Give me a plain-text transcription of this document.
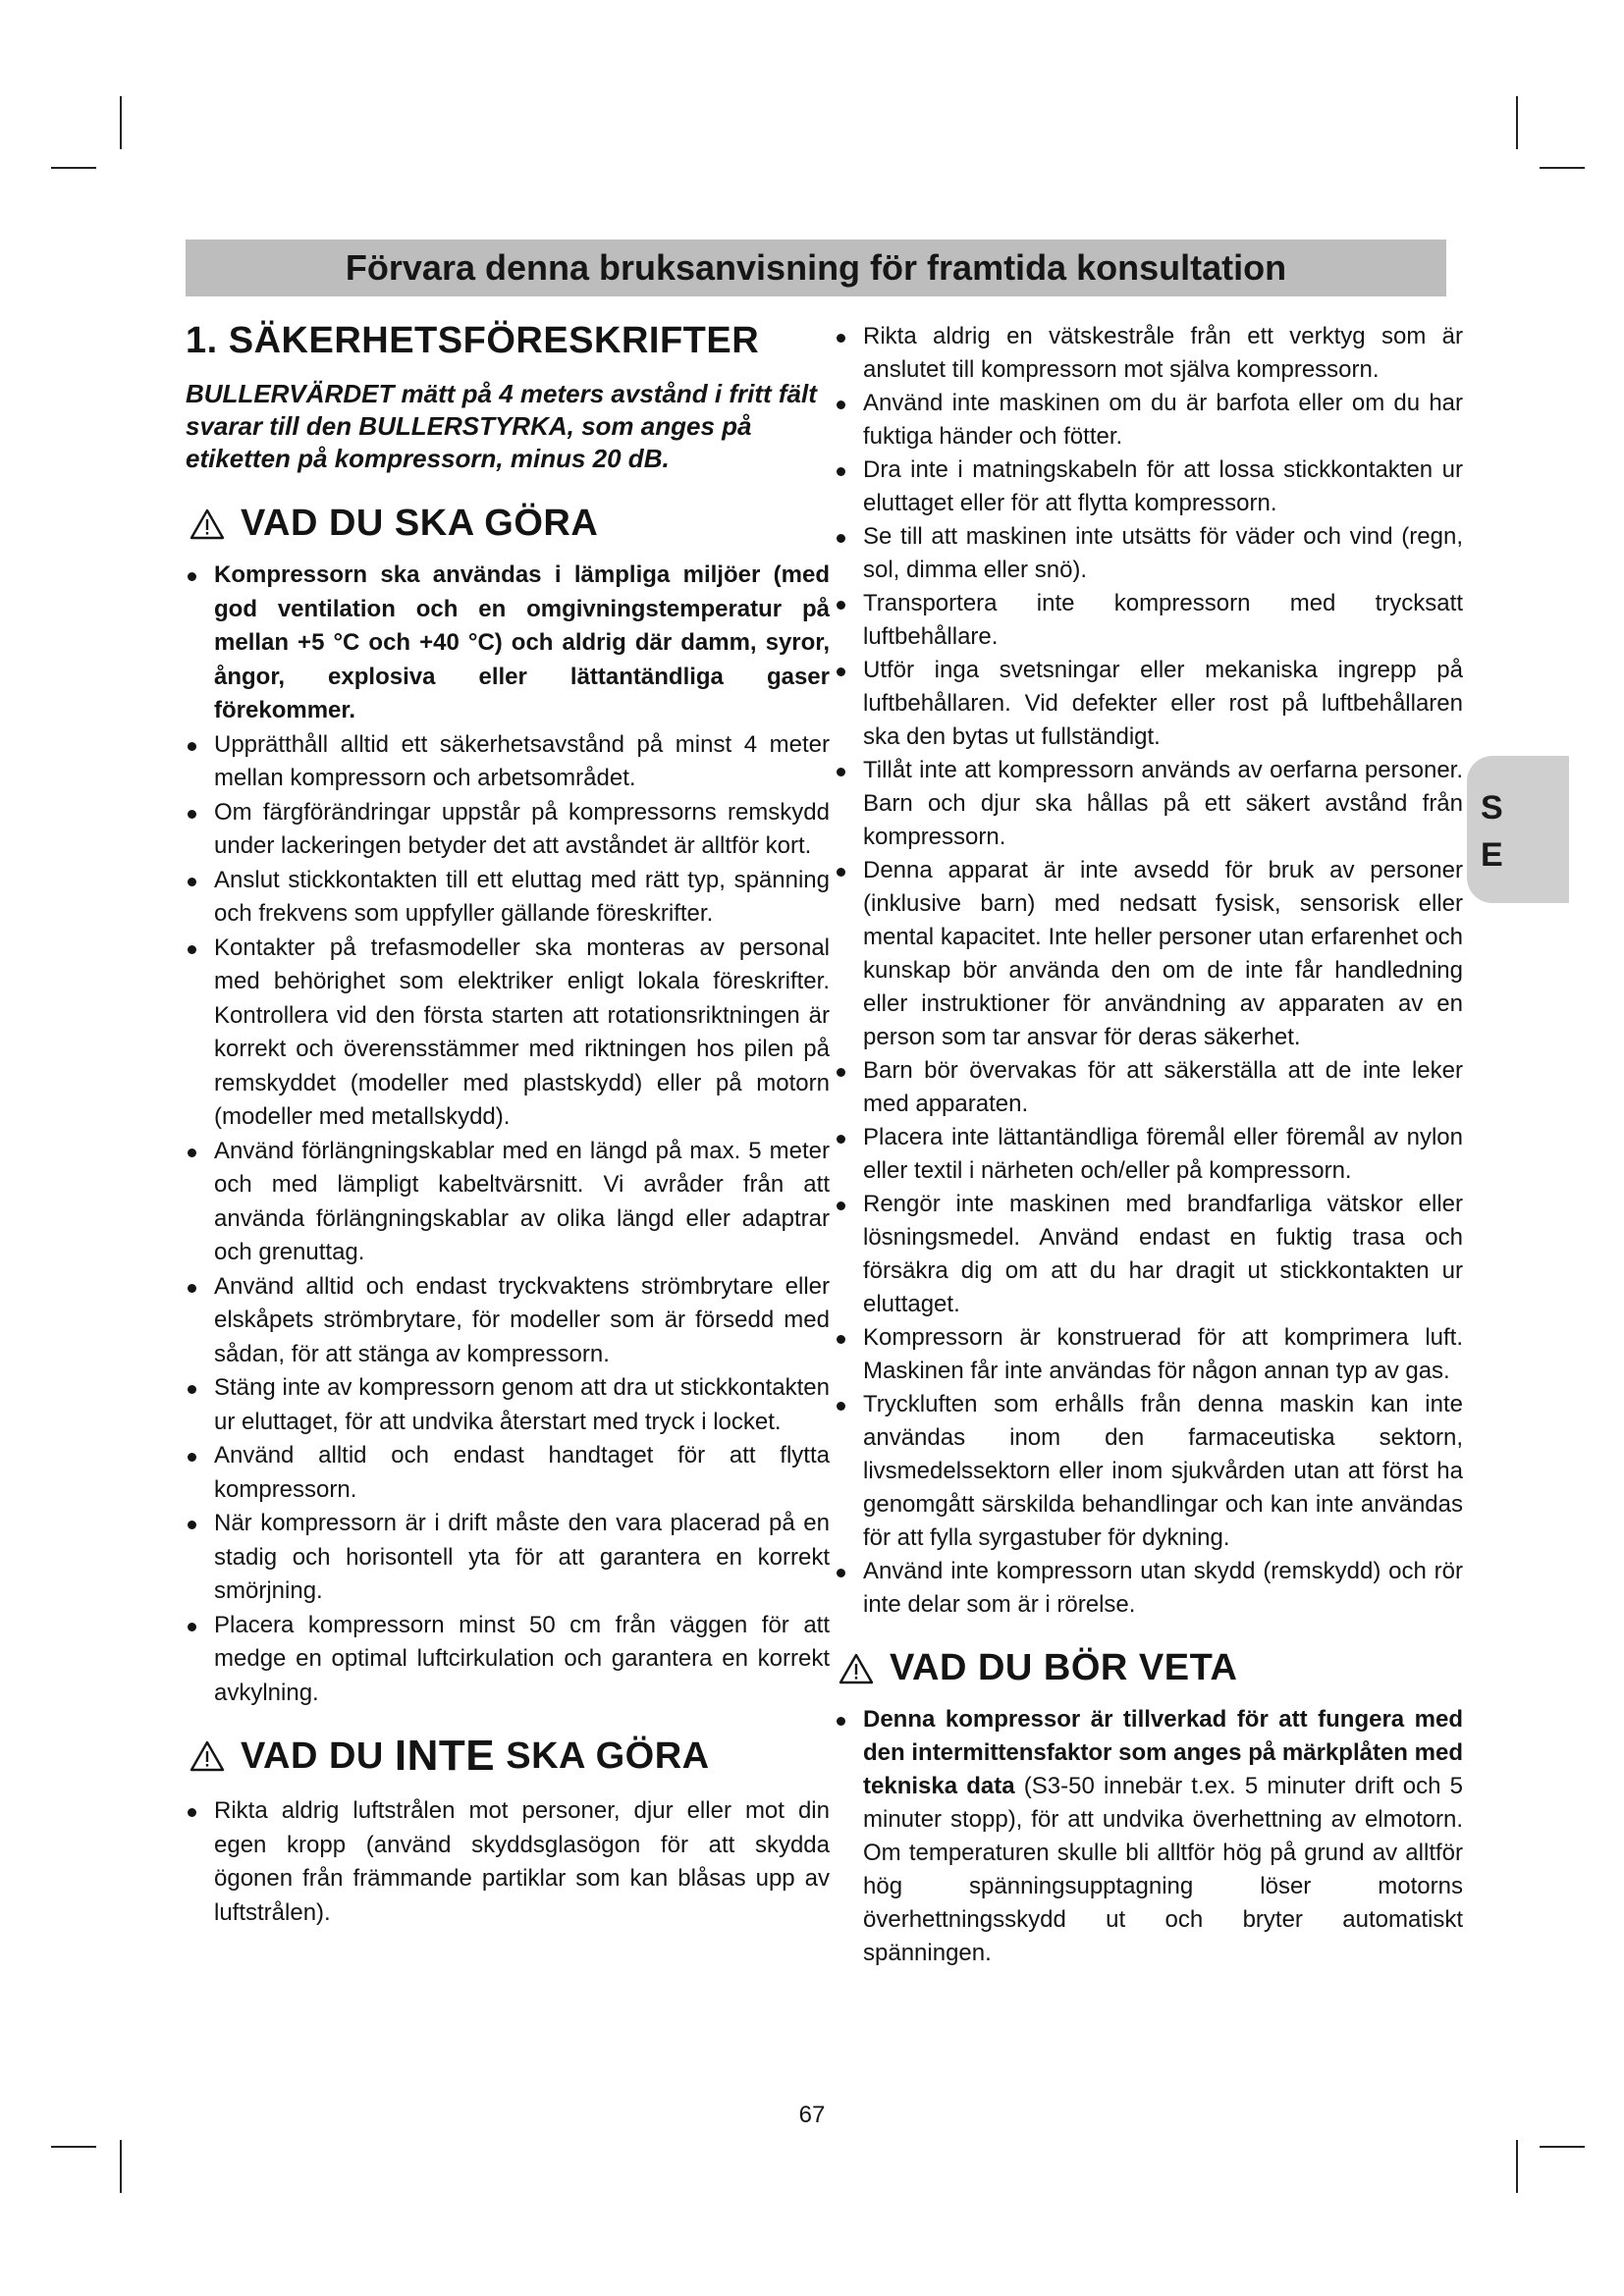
Förvara denna bruksanvisning för framtida konsultation
1. SÄKERHETSFÖRESKRIFTER

BULLERVÄRDET mätt på 4 meters avstånd i fritt fält svarar till den BULLERSTYRKA, som anges på etiketten på kompressorn, minus 20 dB.

VAD DU SKA GÖRA
Kompressorn ska användas i lämpliga miljöer (med god ventilation och en omgivningstemperatur på mellan +5 °C och +40 °C) och aldrig där damm, syror, ångor, explosiva eller lättantändliga gaser förekommer.
Upprätthåll alltid ett säkerhetsavstånd på minst 4 meter mellan kompressorn och arbetsområdet.
Om färgförändringar uppstår på kompressorns remskydd under lackeringen betyder det att avståndet är alltför kort.
Anslut stickkontakten till ett eluttag med rätt typ, spänning och frekvens som uppfyller gällande föreskrifter.
Kontakter på trefasmodeller ska monteras av personal med behörighet som elektriker enligt lokala föreskrifter. Kontrollera vid den första starten att rotationsriktningen är korrekt och överensstämmer med riktningen hos pilen på remskyddet (modeller med plastskydd) eller på motorn (modeller med metallskydd).
Använd förlängningskablar med en längd på max. 5 meter och med lämpligt kabeltvärsnitt. Vi avråder från att använda förlängningskablar av olika längd eller adaptrar och grenuttag.
Använd alltid och endast tryckvaktens strömbrytare eller elskåpets strömbrytare, för modeller som är försedd med sådan, för att stänga av kompressorn.
Stäng inte av kompressorn genom att dra ut stickkontakten ur eluttaget, för att undvika återstart med tryck i locket.
Använd alltid och endast handtaget för att flytta kompressorn.
När kompressorn är i drift måste den vara placerad på en stadig och horisontell yta för att garantera en korrekt smörjning.
Placera kompressorn minst 50 cm från väggen för att medge en optimal luftcirkulation och garantera en korrekt avkylning.
VAD DU
INTE
SKA GÖRA
Rikta aldrig luftstrålen mot personer, djur eller mot din egen kropp (använd skyddsglasögon för att skydda ögonen från främmande partiklar som kan blåsas upp av luftstrålen).
Rikta aldrig en vätskestråle från ett verktyg som är anslutet till kompressorn mot själva kompressorn.
Använd inte maskinen om du är barfota eller om du har fuktiga händer och fötter.
Dra inte i matningskabeln för att lossa stickkontakten ur eluttaget eller för att flytta kompressorn.
Se till att maskinen inte utsätts för väder och vind (regn, sol, dimma eller snö).
Transportera inte kompressorn med trycksatt luftbehållare.
Utför inga svetsningar eller mekaniska ingrepp på luftbehållaren. Vid defekter eller rost på luftbehållaren ska den bytas ut fullständigt.
Tillåt inte att kompressorn används av oerfarna personer. Barn och djur ska hållas på ett säkert avstånd från kompressorn.
Denna apparat är inte avsedd för bruk av personer (inklusive barn) med nedsatt fysisk, sensorisk eller mental kapacitet. Inte heller personer utan erfarenhet och kunskap bör använda den om de inte får handledning eller instruktioner för användning av apparaten av en person som tar ansvar för deras säkerhet.
Barn bör övervakas för att säkerställa att de inte leker med apparaten.
Placera inte lättantändliga föremål eller föremål av nylon eller textil i närheten och/eller på kompressorn.
Rengör inte maskinen med brandfarliga vätskor eller lösningsmedel. Använd endast en fuktig trasa och försäkra dig om att du har dragit ut stickkontakten ur eluttaget.
Kompressorn är konstruerad för att komprimera luft. Maskinen får inte användas för någon annan typ av gas.
Tryckluften som erhålls från denna maskin kan inte användas inom den farmaceutiska sektorn, livsmedelssektorn eller inom sjukvården utan att först ha genomgått särskilda behandlingar och kan inte användas för att fylla syrgastuber för dykning.
Använd inte kompressorn utan skydd (remskydd) och rör inte delar som är i rörelse.
VAD DU BÖR VETA
Denna kompressor är tillverkad för att fungera med den intermittensfaktor som anges på märkplåten med tekniska data (S3-50 innebär t.ex. 5 minuter drift och 5 minuter stopp), för att undvika överhettning av elmotorn. Om temperaturen skulle bli alltför hög på grund av alltför hög spänningsupptagning löser motorns överhettningsskydd ut och bryter automatiskt spänningen.
S
E
67
